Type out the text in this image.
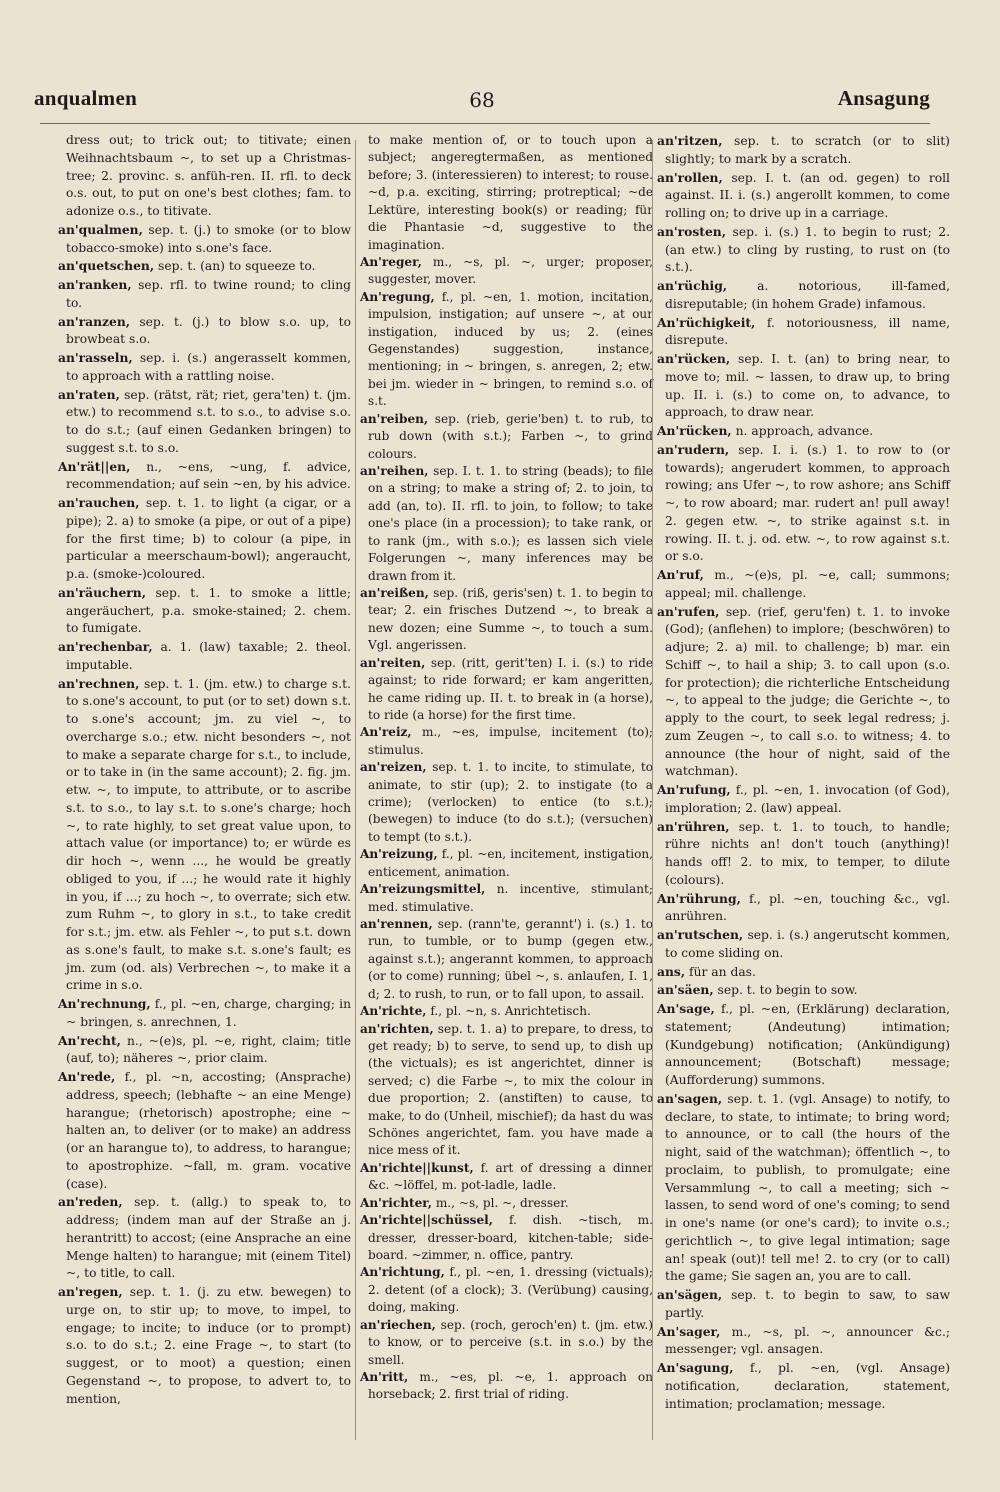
anqualmen	68	Ansagung

dress out; to trick out; to titivate; einen Weihnachtsbaum ~, to set up a Christmas-tree; 2. provinc. s. anfüh-ren. II. rfl. to deck o.s. out, to put on one's best clothes; fam. to adonize o.s., to titivate.

an'qualmen, sep. t. (j.) to smoke (or to blow tobacco-smoke) into s.one's face.

an'quetschen, sep. t. (an) to squeeze to.

an'ranken, sep. rfl. to twine round; to cling to.

an'ranzen, sep. t. (j.) to blow s.o. up, to browbeat s.o.

an'rasseln, sep. i. (s.) angerasselt kommen, to approach with a rattling noise.

an'raten, sep. (rätst, rät; riet, gera'ten) t. (jm. etw.) to recommend s.t. to s.o., to advise s.o. to do s.t.; (auf einen Gedanken bringen) to suggest s.t. to s.o.

An'rät||en, n., ~ens, ~ung, f. advice, recommendation; auf sein ~en, by his advice.

an'rauchen, sep. t. 1. to light (a cigar, or a pipe); 2. a) to smoke (a pipe, or out of a pipe) for the first time; b) to colour (a pipe, in particular a meerschaum-bowl); angeraucht, p.a. (smoke-)coloured.

an'räuchern, sep. t. 1. to smoke a little; angeräuchert, p.a. smoke-stained; 2. chem. to fumigate.

an'rechenbar, a. 1. (law) taxable; 2. theol. imputable.

an'rechnen, sep. t. 1. (jm. etw.) to charge s.t. to s.one's account, to put (or to set) down s.t. to s.one's account; jm. zu viel ~, to overcharge s.o.; etw. nicht besonders ~, not to make a separate charge for s.t., to include, or to take in (in the same account); 2. fig. jm. etw. ~, to impute, to attribute, or to ascribe s.t. to s.o., to lay s.t. to s.one's charge; hoch ~, to rate highly, to set great value upon, to attach value (or importance) to; er würde es dir hoch ~, wenn ..., he would be greatly obliged to you, if ...; he would rate it highly in you, if ...; zu hoch ~, to overrate; sich etw. zum Ruhm ~, to glory in s.t., to take credit for s.t.; jm. etw. als Fehler ~, to put s.t. down as s.one's fault, to make s.t. s.one's fault; es jm. zum (od. als) Verbrechen ~, to make it a crime in s.o.

An'rechnung, f., pl. ~en, charge, charging; in ~ bringen, s. anrechnen, 1.

An'recht, n., ~(e)s, pl. ~e, right, claim; title (auf, to); näheres ~, prior claim.

An'rede, f., pl. ~n, accosting; (Ansprache) address, speech; (lebhafte ~ an eine Menge) harangue; (rhetorisch) apostrophe; eine ~ halten an, to deliver (or to make) an address (or an harangue to), to address, to harangue; to apostrophize. ~fall, m. gram. vocative (case).

an'reden, sep. t. (allg.) to speak to, to address; (indem man auf der Straße an j. herantritt) to accost; (eine Ansprache an eine Menge halten) to harangue; mit (einem Titel) ~, to title, to call.

an'regen, sep. t. 1. (j. zu etw. bewegen) to urge on, to stir up; to move, to impel, to engage; to incite; to induce (or to prompt) s.o. to do s.t.; 2. eine Frage ~, to start (to suggest, or to moot) a question; einen Gegenstand ~, to propose, to advert to, to mention,

to make mention of, or to touch upon a subject; angeregtermaßen, as mentioned before; 3. (interessieren) to interest; to rouse. ~d, p.a. exciting, stirring; protreptical; ~de Lektüre, interesting book(s) or reading; für die Phantasie ~d, suggestive to the imagination.

An'reger, m., ~s, pl. ~, urger; proposer, suggester, mover.

An'regung, f., pl. ~en, 1. motion, incitation, impulsion, instigation; auf unsere ~, at our instigation, induced by us; 2. (eines Gegenstandes) suggestion, instance, mentioning; in ~ bringen, s. anregen, 2; etw. bei jm. wieder in ~ bringen, to remind s.o. of s.t.

an'reiben, sep. (rieb, gerie'ben) t. to rub, to rub down (with s.t.); Farben ~, to grind colours.

an'reihen, sep. I. t. 1. to string (beads); to file on a string; to make a string of; 2. to join, to add (an, to). II. rfl. to join, to follow; to take one's place (in a procession); to take rank, or to rank (jm., with s.o.); es lassen sich viele Folgerungen ~, many inferences may be drawn from it.

an'reißen, sep. (riß, geris'sen) t. 1. to begin to tear; 2. ein frisches Dutzend ~, to break a new dozen; eine Summe ~, to touch a sum. Vgl. angerissen.

an'reiten, sep. (ritt, gerit'ten) I. i. (s.) to ride against; to ride forward; er kam angeritten, he came riding up. II. t. to break in (a horse), to ride (a horse) for the first time.

An'reiz, m., ~es, impulse, incitement (to); stimulus.

an'reizen, sep. t. 1. to incite, to stimulate, to animate, to stir (up); 2. to instigate (to a crime); (verlocken) to entice (to s.t.); (bewegen) to induce (to do s.t.); (versuchen) to tempt (to s.t.).

An'reizung, f., pl. ~en, incitement, instigation, enticement, animation.

An'reizungsmittel, n. incentive, stimulant; med. stimulative.

an'rennen, sep. (rann'te, gerannt') i. (s.) 1. to run, to tumble, or to bump (gegen etw., against s.t.); angerannt kommen, to approach (or to come) running; übel ~, s. anlaufen, I. 1, d; 2. to rush, to run, or to fall upon, to assail.

An'richte, f., pl. ~n, s. Anrichtetisch.

an'richten, sep. t. 1. a) to prepare, to dress, to get ready; b) to serve, to send up, to dish up (the victuals); es ist angerichtet, dinner is served; c) die Farbe ~, to mix the colour in due proportion; 2. (anstiften) to cause, to make, to do (Unheil, mischief); da hast du was Schönes angerichtet, fam. you have made a nice mess of it.

An'richte||kunst, f. art of dressing a dinner &c. ~löffel, m. pot-ladle, ladle.

An'richter, m., ~s, pl. ~, dresser.

An'richte||schüssel, f. dish. ~tisch, m. dresser, dresser-board, kitchen-table; side-board. ~zimmer, n. office, pantry.

An'richtung, f., pl. ~en, 1. dressing (victuals); 2. detent (of a clock); 3. (Verübung) causing, doing, making.

an'riechen, sep. (roch, geroch'en) t. (jm. etw.) to know, or to perceive (s.t. in s.o.) by the smell.

An'ritt, m., ~es, pl. ~e, 1. approach on horseback; 2. first trial of riding.

an'ritzen, sep. t. to scratch (or to slit) slightly; to mark by a scratch.

an'rollen, sep. I. t. (an od. gegen) to roll against. II. i. (s.) angerollt kommen, to come rolling on; to drive up in a carriage.

an'rosten, sep. i. (s.) 1. to begin to rust; 2. (an etw.) to cling by rusting, to rust on (to s.t.).

an'rüchig, a. notorious, ill-famed, disreputable; (in hohem Grade) infamous.

An'rüchigkeit, f. notoriousness, ill name, disrepute.

an'rücken, sep. I. t. (an) to bring near, to move to; mil. ~ lassen, to draw up, to bring up. II. i. (s.) to come on, to advance, to approach, to draw near.

An'rücken, n. approach, advance.

an'rudern, sep. I. i. (s.) 1. to row to (or towards); angerudert kommen, to approach rowing; ans Ufer ~, to row ashore; ans Schiff ~, to row aboard; mar. rudert an! pull away! 2. gegen etw. ~, to strike against s.t. in rowing. II. t. j. od. etw. ~, to row against s.t. or s.o.

An'ruf, m., ~(e)s, pl. ~e, call; summons; appeal; mil. challenge.

an'rufen, sep. (rief, geru'fen) t. 1. to invoke (God); (anflehen) to implore; (beschwören) to adjure; 2. a) mil. to challenge; b) mar. ein Schiff ~, to hail a ship; 3. to call upon (s.o. for protection); die richterliche Entscheidung ~, to appeal to the judge; die Gerichte ~, to apply to the court, to seek legal redress; j. zum Zeugen ~, to call s.o. to witness; 4. to announce (the hour of night, said of the watchman).

An'rufung, f., pl. ~en, 1. invocation (of God), imploration; 2. (law) appeal.

an'rühren, sep. t. 1. to touch, to handle; rühre nichts an! don't touch (anything)! hands off! 2. to mix, to temper, to dilute (colours).

An'rührung, f., pl. ~en, touching &c., vgl. anrühren.

an'rutschen, sep. i. (s.) angerutscht kommen, to come sliding on.

ans, für an das.

an'säen, sep. t. to begin to sow.

An'sage, f., pl. ~en, (Erklärung) declaration, statement; (Andeutung) intimation; (Kundgebung) notification; (Ankündigung) announcement; (Botschaft) message; (Aufforderung) summons.

an'sagen, sep. t. 1. (vgl. Ansage) to notify, to declare, to state, to intimate; to bring word; to announce, or to call (the hours of the night, said of the watchman); öffentlich ~, to proclaim, to publish, to promulgate; eine Versammlung ~, to call a meeting; sich ~ lassen, to send word of one's coming; to send in one's name (or one's card); to invite o.s.; gerichtlich ~, to give legal intimation; sage an! speak (out)! tell me! 2. to cry (or to call) the game; Sie sagen an, you are to call.

an'sägen, sep. t. to begin to saw, to saw partly.

An'sager, m., ~s, pl. ~, announcer &c.; messenger; vgl. ansagen.

An'sagung, f., pl. ~en, (vgl. Ansage) notification, declaration, statement, intimation; proclamation; message.
